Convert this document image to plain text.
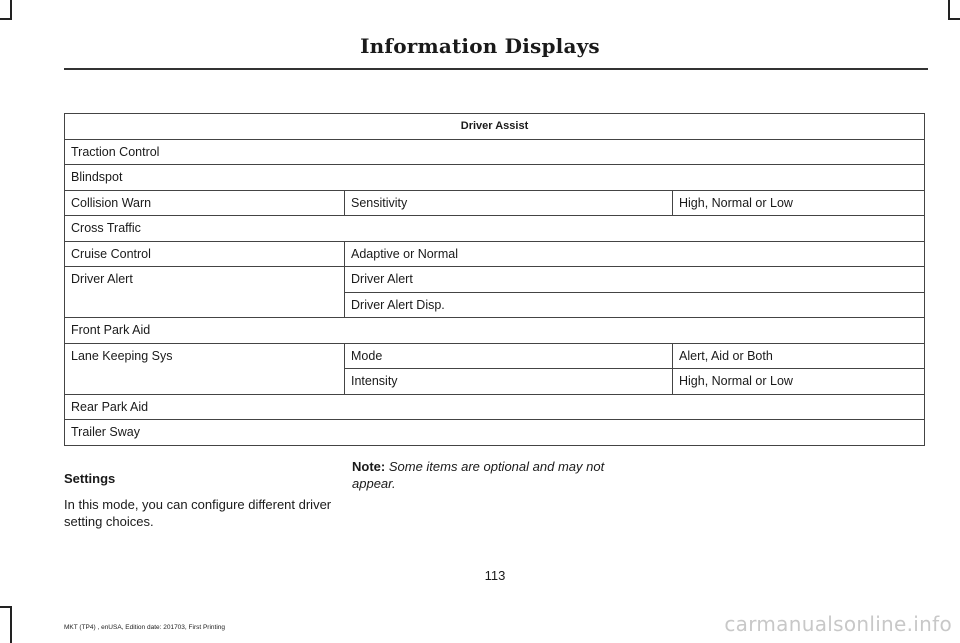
Information Displays
Driver Assist		
Traction Control		
Blindspot		
Collision Warn	Sensitivity	High, Normal or Low
Cross Traffic		
Cruise Control	Adaptive or Normal	
Driver Alert	Driver Alert	
	Driver Alert Disp.	
Front Park Aid		
Lane Keeping Sys	Mode	Alert, Aid or Both
	Intensity	High, Normal or Low
Rear Park Aid		
Trailer Sway		
Settings
In this mode, you can configure different driver setting choices.
Note: Some items are optional and may not appear.
113
MKT (TP4) , enUSA, Edition date: 201703, First Printing	carmanualsonline.info
